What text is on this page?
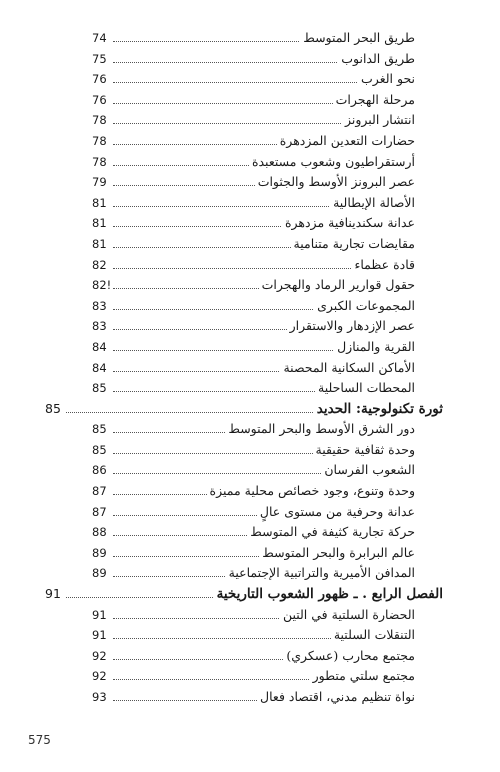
طريق البحر المتوسط
74
طريق الدانوب
75
نحو الغرب
76
مرحلة الهجرات
76
انتشار البرونز
78
حضارات التعدين المزدهرة
78
أرستقراطيون وشعوب مستعبدة
78
عصر البرونز الأوسط والجثوات
79
الأصالة الإيطالية
81
عدانة سكندينافية مزدهرة
81
مقايضات تجارية متنامية
81
قادة عظماء
82
حقول قوارير الرماد والهجرات
82!
المجموعات الكبرى
83
عصر الإزدهار والاستقرار
83
القرية والمنازل
84
الأماكن السكانية المحصنة
84
المحطات الساحلية
85
ثورة تكنولوجية: الحديد
85
دور الشرق الأوسط والبحر المتوسط
85
وحدة ثقافية حقيقية
85
الشعوب الفرسان
86
وحدة وتنوع، وجود خصائص محلية مميزة
87
عدانة وحرفية من مستوى عالٍ
87
حركة تجارية كثيفة في المتوسط
88
عالم البرابرة والبحر المتوسط
89
المدافن الأميرية والتراتبية الإجتماعية
89
الفصل الرابع . ـ ظهور الشعوب التاريخية
91
الحضارة السلتية في التين
91
التنقلات السلتية
91
مجتمع محارب (عسكري)
92
مجتمع سلتي متطور
92
نواة تنظيم مدني، اقتصاد فعال
93
575
